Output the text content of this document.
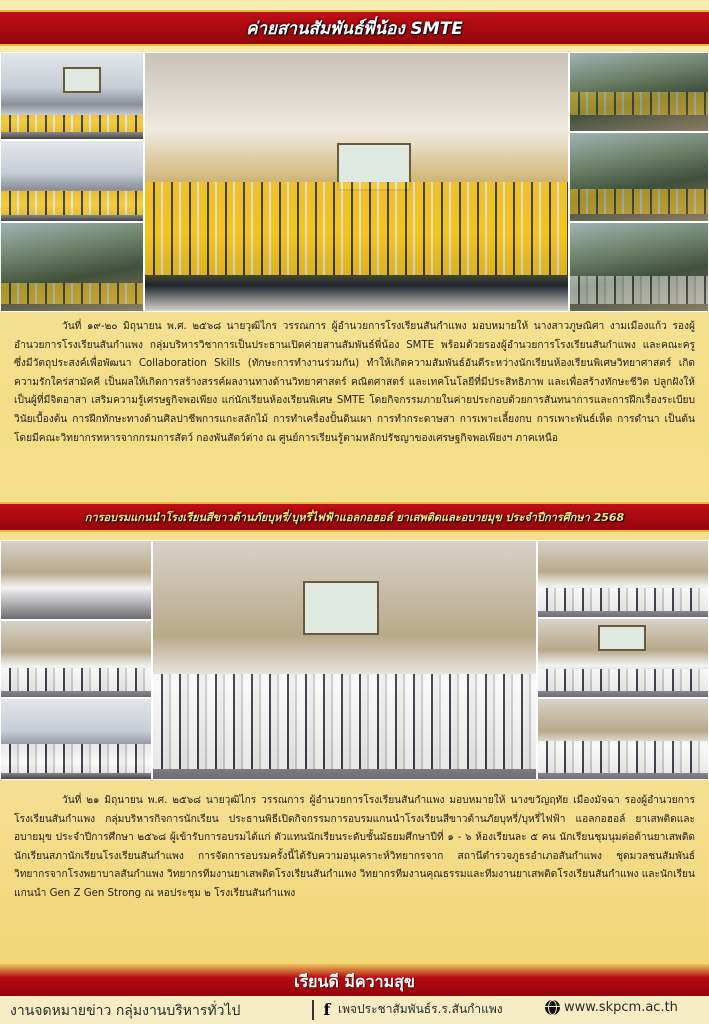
ค่ายสานสัมพันธ์พี่น้อง SMTE

วันที่ ๑๙-๒๐ มิถุนายน พ.ศ. ๒๕๖๘ นายวุฒิไกร วรรณการ ผู้อำนวยการโรงเรียนสันกำแพง มอบหมายให้ นางสาวภูษณิศา งามเมืองแก้ว รองผู้อำนวยการโรงเรียนสันกำแพง กลุ่มบริหารวิชาการเป็นประธานเปิดค่ายสานสัมพันธ์พี่น้อง SMTE พร้อมด้วยรองผู้อำนวยการโรงเรียนสันกำแพง และคณะครู ซึ่งมีวัตถุประสงค์เพื่อพัฒนา Collaboration Skills (ทักษะการทำงานร่วมกัน) ทำให้เกิดความสัมพันธ์อันดีระหว่างนักเรียนห้องเรียนพิเศษวิทยาศาสตร์ เกิดความรักใคร่สามัคคี เป็นผลให้เกิดการสร้างสรรค์ผลงานทางด้านวิทยาศาสตร์ คณิตศาสตร์ และเทคโนโลยีที่มีประสิทธิภาพ และเพื่อสร้างทักษะชีวิต ปลูกฝังให้เป็นผู้ที่มีจิตอาสา เสริมความรู้เศรษฐกิจพอเพียง แก่นักเรียนห้องเรียนพิเศษ SMTE โดยกิจกรรมภายในค่ายประกอบด้วยการสันทนาการและการฝึกเรื่องระเบียบวินัยเบื้องต้น การฝึกทักษะทางด้านศิลปาชีพการแกะสลักไม้ การทำเครื่องปั้นดินเผา การทำกระดาษสา การเพาะเลี้ยงกบ การเพาะพันธ์เห็ด การดำนา เป็นต้น โดยมีคณะวิทยากรทหารจากกรมการสัตว์ กองพันสัตว์ต่าง ณ ศูนย์การเรียนรู้ตามหลักปรัชญาของเศรษฐกิจพอเพียงฯ ภาคเหนือ

การอบรมแกนนำโรงเรียนสีขาวต้านภัยบุหรี่/บุหรี่ไฟฟ้าแอลกอฮอล์ ยาเสพติดและอบายมุข ประจำปีการศึกษา 2568

วันที่ ๒๑ มิถุนายน พ.ศ. ๒๕๖๘ นายวุฒิไกร วรรณการ ผู้อำนวยการโรงเรียนสันกำแพง มอบหมายให้ นางขวัญฤทัย เมืองมัจฉา รองผู้อำนวยการโรงเรียนสันกำแพง กลุ่มบริหารกิจการนักเรียน ประธานพิธีเปิดกิจกรรมการอบรมแกนนำโรงเรียนสีขาวต้านภัยบุหรี่/บุหรี่ไฟฟ้า แอลกอฮอล์ ยาเสพติดและอบายมุข ประจำปีการศึกษา ๒๕๖๘ ผู้เข้ารับการอบรมได้แก่ ตัวแทนนักเรียนระดับชั้นมัธยมศึกษาปีที่ ๑ - ๖ ห้องเรียนละ ๕ คน นักเรียนชุมนุมต่อต้านยาเสพติด นักเรียนสภานักเรียนโรงเรียนสันกำแพง การจัดการอบรมครั้งนี้ได้รับความอนุเคราะห์วิทยากรจาก สถานีตำรวจภูธรอำเภอสันกำแพง ชุดมวลชนสัมพันธ์ วิทยากรจากโรงพยาบาลสันกำแพง วิทยากรทีมงานยาเสพติดโรงเรียนสันกำแพง วิทยากรทีมงานคุณธรรมและทีมงานยาเสพติดโรงเรียนสันกำแพง และนักเรียนแกนนำ Gen Z Gen Strong ณ หอประชุม ๒ โรงเรียนสันกำแพง

เรียนดี มีความสุข
งานจดหมายข่าว กลุ่มงานบริหารทั่วไป	f เพจประชาสัมพันธ์ร.ร.สันกำแพง	www.skpcm.ac.th
